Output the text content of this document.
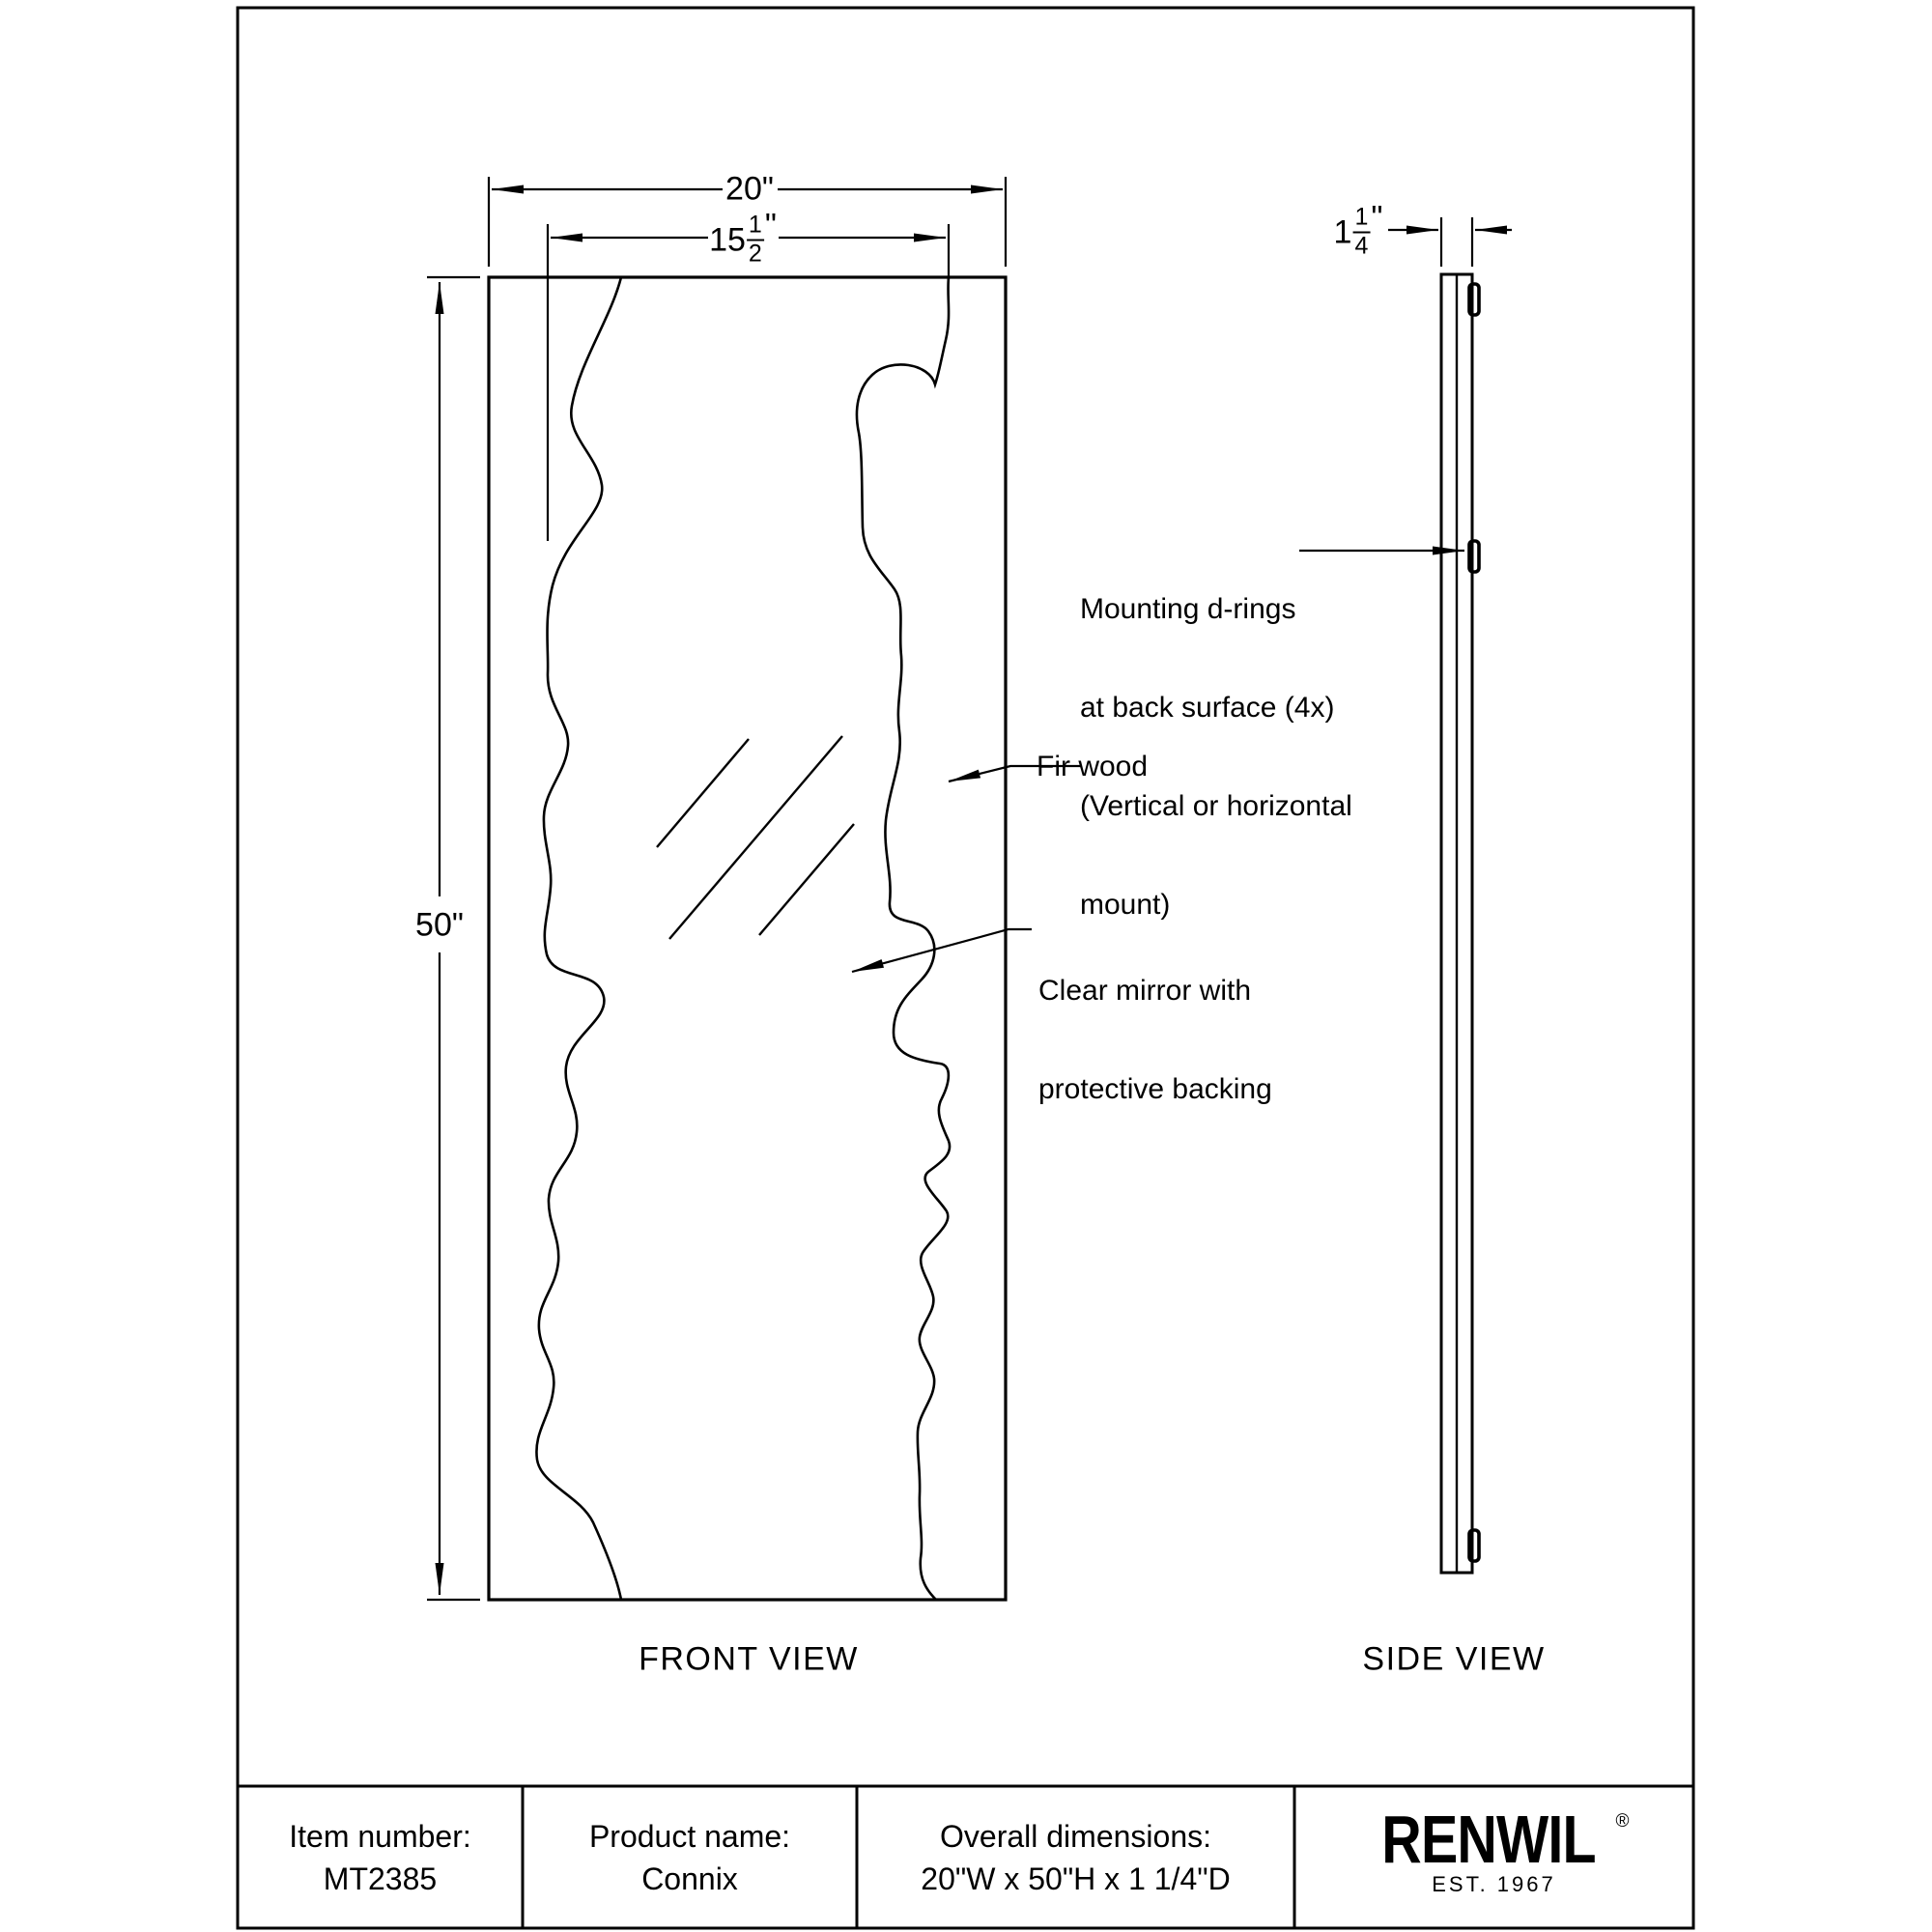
20"
$15 \frac{1}{2}$ "
50"
$1 \frac{1}{4}$ "

Mounting d-rings

at back surface (4x)

(Vertical or horizontal

mount)

Fir wood

Clear mirror with

protective backing

FRONT VIEW	SIDE VIEW
Item number:
MT2385
Product name:
Connix
Overall dimensions:
20"W x 50"H x 1 1/4"D
RENWIL ®
EST. 1967
